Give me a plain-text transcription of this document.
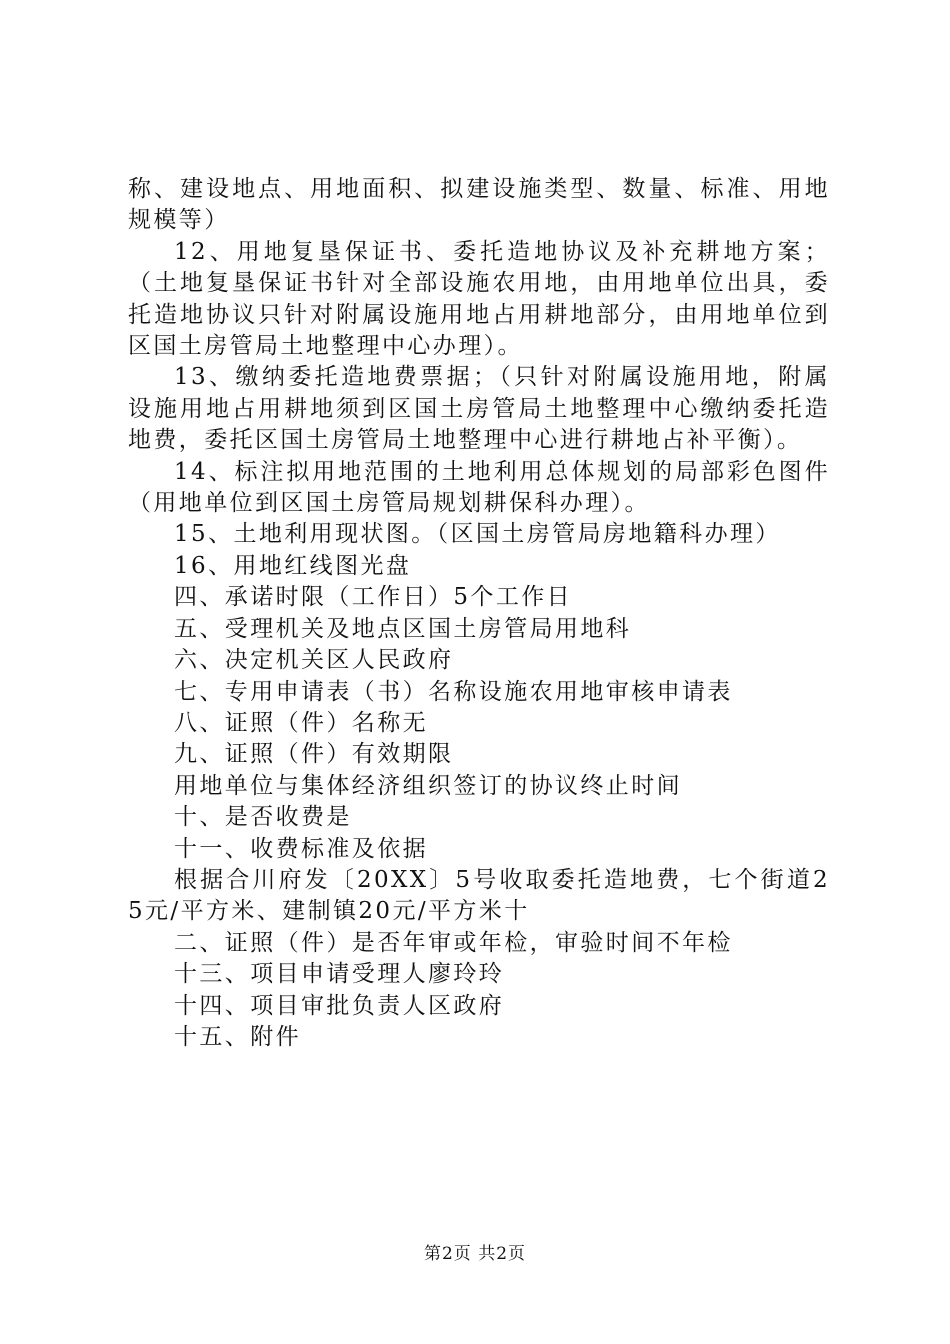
称、建设地点、用地面积、拟建设施类型、数量、标准、用地规模等）

12、用地复垦保证书、委托造地协议及补充耕地方案；（土地复垦保证书针对全部设施农用地，由用地单位出具，委托造地协议只针对附属设施用地占用耕地部分，由用地单位到区国土房管局土地整理中心办理）。

13、缴纳委托造地费票据；（只针对附属设施用地，附属设施用地占用耕地须到区国土房管局土地整理中心缴纳委托造地费，委托区国土房管局土地整理中心进行耕地占补平衡）。

14、标注拟用地范围的土地利用总体规划的局部彩色图件（用地单位到区国土房管局规划耕保科办理）。

15、土地利用现状图。（区国土房管局房地籍科办理）

16、用地红线图光盘

四、承诺时限（工作日）5个工作日

五、受理机关及地点区国土房管局用地科

六、决定机关区人民政府

七、专用申请表（书）名称设施农用地审核申请表

八、证照（件）名称无

九、证照（件）有效期限

用地单位与集体经济组织签订的协议终止时间

十、是否收费是

十一、收费标准及依据

根据合川府发〔20XX〕5号收取委托造地费，七个街道25元/平方米、建制镇20元/平方米十

二、证照（件）是否年审或年检，审验时间不年检

十三、项目申请受理人廖玲玲

十四、项目审批负责人区政府

十五、附件

第2页 共2页
